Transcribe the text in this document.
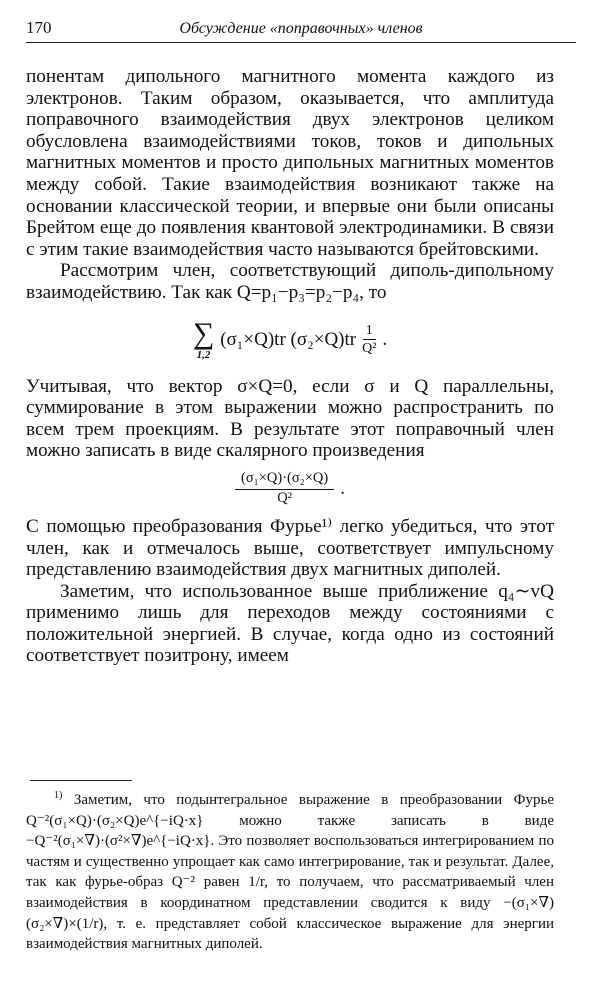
170	Обсуждение «поправочных» членов

понентам дипольного магнитного момента каждого из электронов. Таким образом, оказывается, что амплитуда поправочного взаимодействия двух электронов целиком обусловлена взаимодействиями токов, токов и дипольных магнитных моментов и просто дипольных магнитных моментов между собой. Такие взаимодействия возникают также на основании классической теории, и впервые они были описаны Брейтом еще до появления квантовой электродинамики. В связи с этим такие взаимодействия часто называются брейтовскими.

Рассмотрим член, соответствующий диполь-дипольному взаимодействию. Так как Q=p₁−p₃=p₂−p₄, то

∑
1,2
(σ₁×Q)tr $(\sigma_2\times Q)tr \frac{1}{\text{Q²}}$ .

Учитывая, что вектор σ×Q=0, если σ и Q параллельны, суммирование в этом выражении можно распространить по всем трем проекциям. В результате этот поправочный член можно записать в виде скалярного произведения

$\frac{\text{(σ₁×Q)·(σ₂×Q)}}{\text{Q²}}$ .

С помощью преобразования Фурье¹⁾ легко убедиться, что этот член, как и отмечалось выше, соответствует импульсному представлению взаимодействия двух магнитных диполей.

Заметим, что использованное выше приближение q₄∼vQ применимо лишь для переходов между состояниями с положительной энергией. В случае, когда одно из состояний соответствует позитрону, имеем

$^{1)}$ Заметим, что подынтегральное выражение в преобразовании Фурье Q⁻²(σ₁×Q)·(σ₂×Q)e^{−iQ·x} можно также записать в виде −Q⁻²(σ₁×∇)·(σ²×∇)e^{−iQ·x}. Это позволяет воспользоваться интегрированием по частям и существенно упрощает как само интегрирование, так и результат. Далее, так как фурье-образ Q⁻² равен 1/r, то получаем, что рассматриваемый член взаимодействия в координатном представлении сводится к виду −(σ₁×∇)(σ₂×∇)×(1/r), т. е. представляет собой классическое выражение для энергии взаимодействия магнитных диполей.
